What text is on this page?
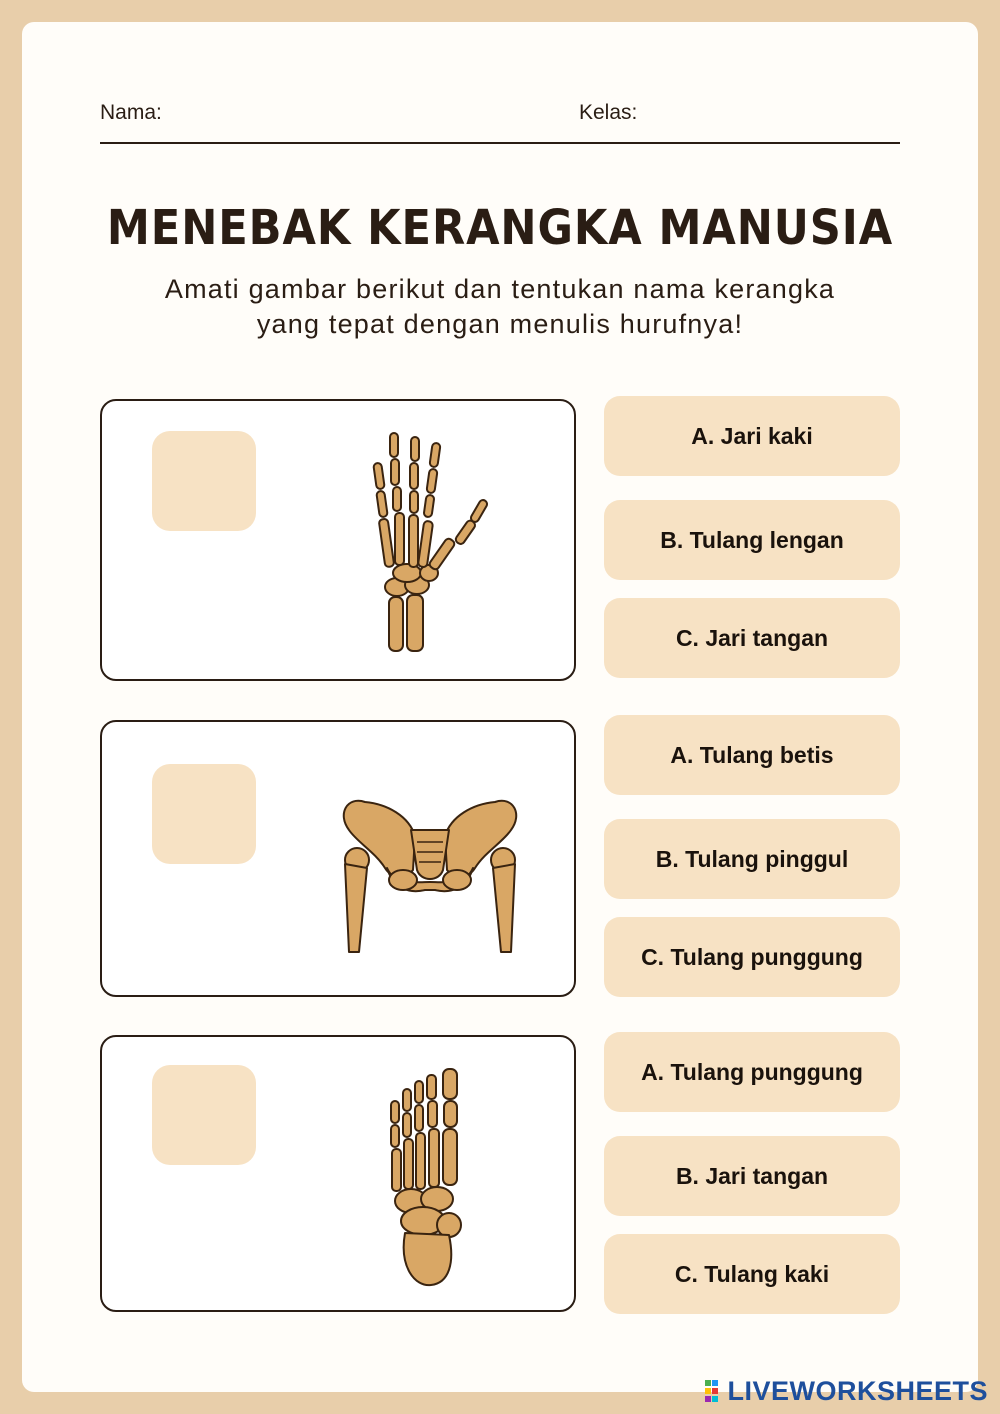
Nama:	Kelas:
MENEBAK KERANGKA MANUSIA
Amati gambar berikut dan tentukan nama kerangka
yang tepat dengan menulis hurufnya!
A. Jari kaki
B. Tulang lengan
C. Jari tangan
A. Tulang betis
B. Tulang pinggul
C. Tulang punggung
A. Tulang punggung
B. Jari tangan
C. Tulang kaki
LIVEWORKSHEETS
